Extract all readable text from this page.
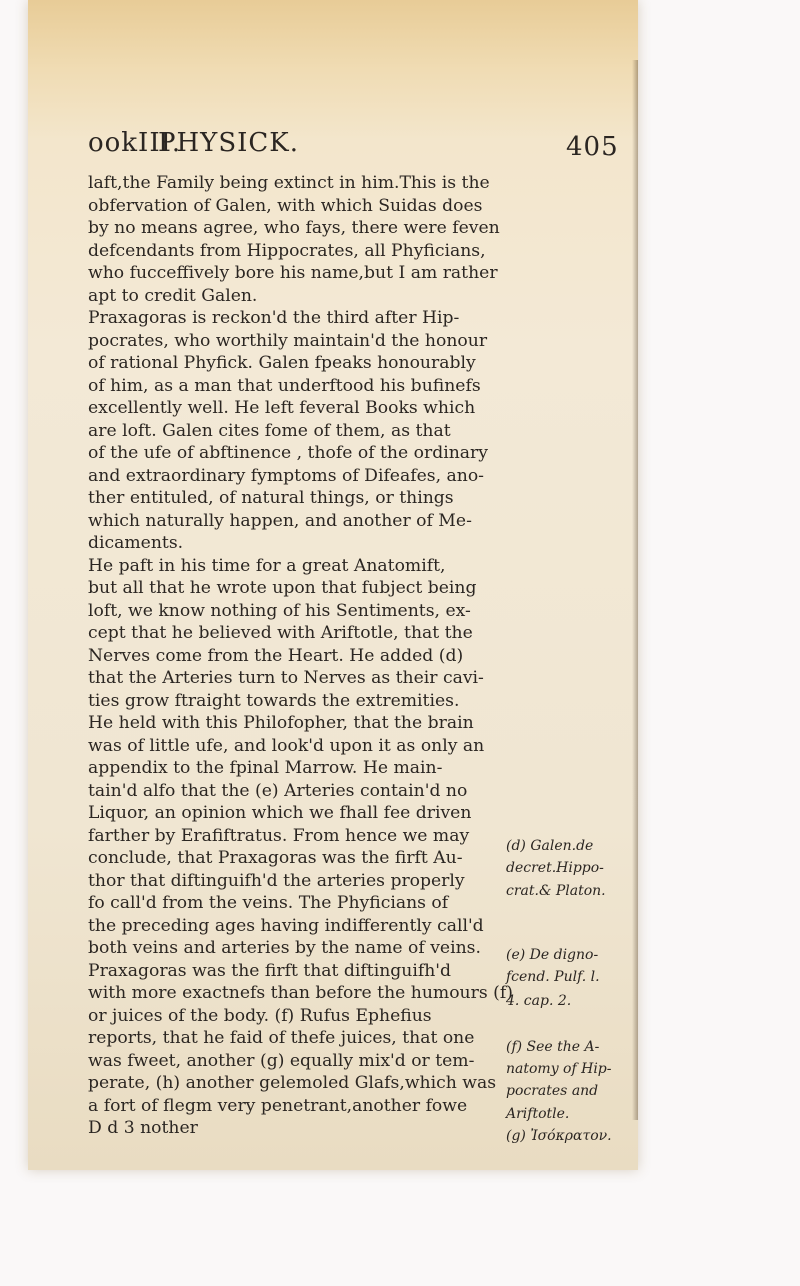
ookIII.
PHYSICK.	405
laft,the Family being extinct in him.This is the
obfervation of Galen, with which Suidas does
by no means agree, who fays, there were feven
defcendants from Hippocrates, all Phyficians,
who fucceffively bore his name,but I am rather
apt to credit Galen.
Praxagoras is reckon'd the third after Hip-
pocrates, who worthily maintain'd the honour
of rational Phyfick. Galen fpeaks honourably
of him, as a man that underftood his bufinefs
excellently well. He left feveral Books which
are loft. Galen cites fome of them, as that
of the ufe of abftinence , thofe of the ordinary
and extraordinary fymptoms of Difeafes, ano-
ther entituled, of natural things, or things
which naturally happen, and another of Me-
dicaments.
He paft in his time for a great Anatomift,
but all that he wrote upon that fubject being
loft, we know nothing of his Sentiments, ex-
cept that he believed with Ariftotle, that the
Nerves come from the Heart. He added (d)
that the Arteries turn to Nerves as their cavi-
ties grow ftraight towards the extremities.
He held with this Philofopher, that the brain
was of little ufe, and look'd upon it as only an
appendix to the fpinal Marrow. He main-
tain'd alfo that the (e) Arteries contain'd no
Liquor, an opinion which we fhall fee driven
farther by Erafiftratus. From hence we may
conclude, that Praxagoras was the firft Au-
thor that diftinguifh'd the arteries properly
fo call'd from the veins. The Phyficians of
the preceding ages having indifferently call'd
both veins and arteries by the name of veins.
Praxagoras was the firft that diftinguifh'd
with more exactnefs than before the humours (f)
or juices of the body. (f) Rufus Ephefius
reports, that he faid of thefe juices, that one
was fweet, another (g) equally mix'd or tem-
perate, (h) another gelemoled Glafs,which was
a fort of flegm very penetrant,another fowe
D d 3 nother
(d) Galen.de
decret.Hippo-
crat.& Platon.
(e) De digno-
fcend. Pulf. l.
4. cap. 2.
(f) See the A-
natomy of Hip-
pocrates and
Ariftotle.
(g) Ἰσόκρατον.
